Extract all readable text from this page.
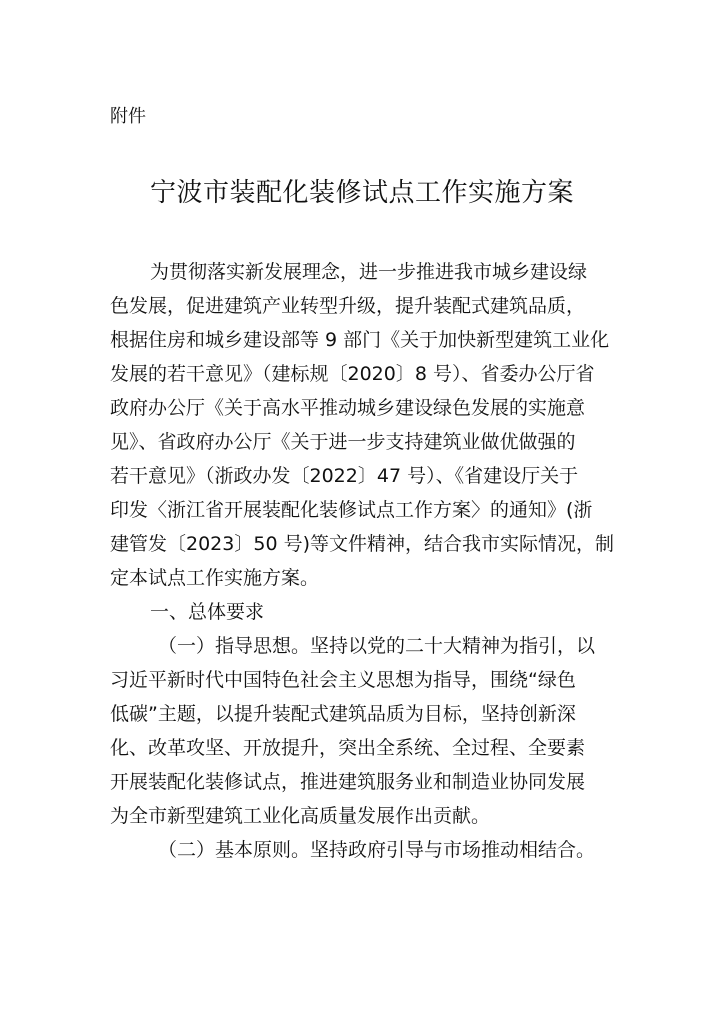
附件

宁波市装配化装修试点工作实施方案
为贯彻落实新发展理念，进一步推进我市城乡建设绿
色发展，促进建筑产业转型升级，提升装配式建筑品质，
根据住房和城乡建设部等 9 部门《关于加快新型建筑工业化
发展的若干意见》（建标规〔2020〕8 号）、省委办公厅省
政府办公厅《关于高水平推动城乡建设绿色发展的实施意
见》、省政府办公厅《关于进一步支持建筑业做优做强的
若干意见》（浙政办发〔2022〕47 号）、《省建设厅关于
印发〈浙江省开展装配化装修试点工作方案〉的通知》(浙
建管发〔2023〕50 号)等文件精神，结合我市实际情况，制
定本试点工作实施方案。
一、总体要求
（一）指导思想。坚持以党的二十大精神为指引，以
习近平新时代中国特色社会主义思想为指导，围绕“绿色
低碳”主题，以提升装配式建筑品质为目标，坚持创新深
化、改革攻坚、开放提升，突出全系统、全过程、全要素
开展装配化装修试点，推进建筑服务业和制造业协同发展
为全市新型建筑工业化高质量发展作出贡献。
（二）基本原则。坚持政府引导与市场推动相结合。
